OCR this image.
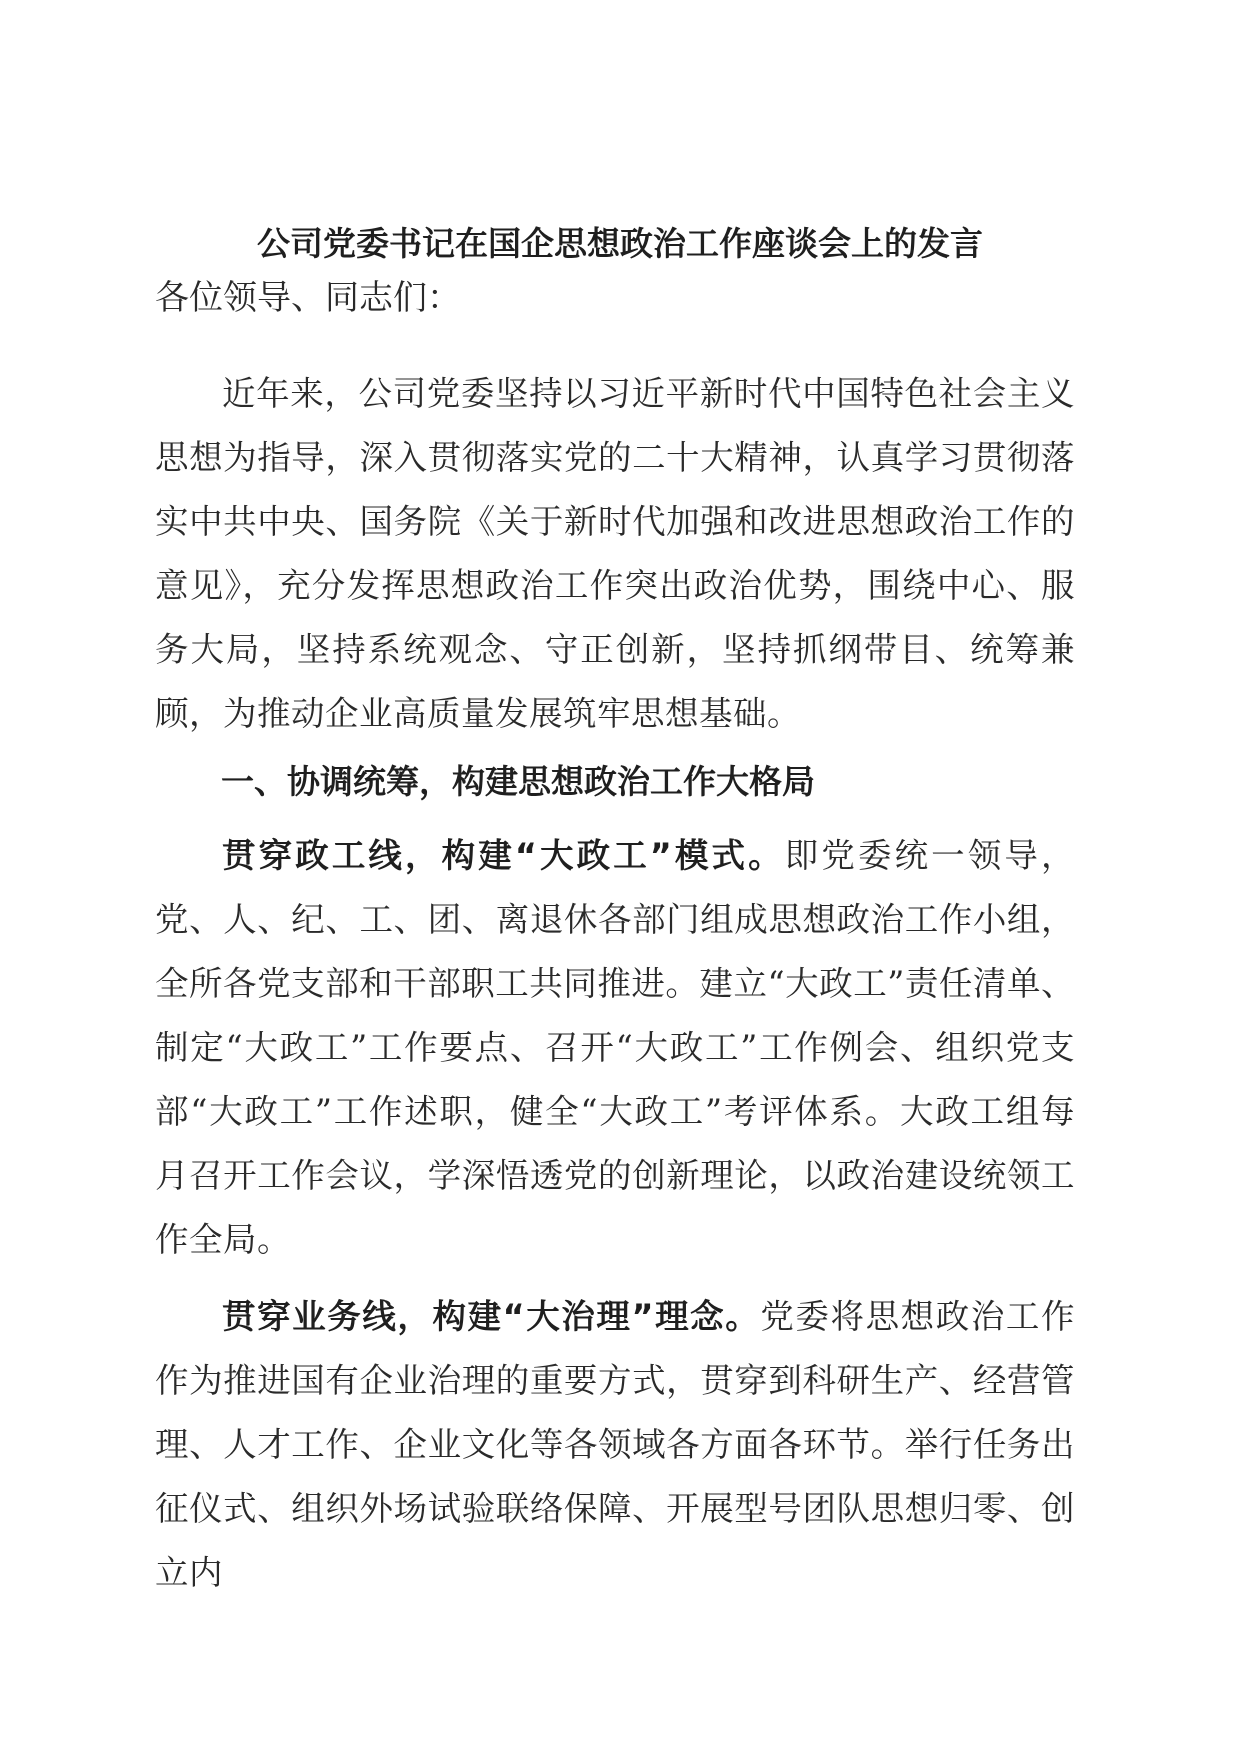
公司党委书记在国企思想政治工作座谈会上的发言

各位领导、同志们：

近年来，公司党委坚持以习近平新时代中国特色社会主义思想为指导，深入贯彻落实党的二十大精神，认真学习贯彻落实中共中央、国务院《关于新时代加强和改进思想政治工作的意见》，充分发挥思想政治工作突出政治优势，围绕中心、服务大局，坚持系统观念、守正创新，坚持抓纲带目、统筹兼顾，为推动企业高质量发展筑牢思想基础。

一、协调统筹，构建思想政治工作大格局

贯穿政工线，构建“大政工”模式。即党委统一领导，党、人、纪、工、团、离退休各部门组成思想政治工作小组，全所各党支部和干部职工共同推进。建立“大政工”责任清单、制定“大政工”工作要点、召开“大政工”工作例会、组织党支部“大政工”工作述职，健全“大政工”考评体系。大政工组每月召开工作会议，学深悟透党的创新理论，以政治建设统领工作全局。

贯穿业务线，构建“大治理”理念。党委将思想政治工作作为推进国有企业治理的重要方式，贯穿到科研生产、经营管理、人才工作、企业文化等各领域各方面各环节。举行任务出征仪式、组织外场试验联络保障、开展型号团队思想归零、创立内
